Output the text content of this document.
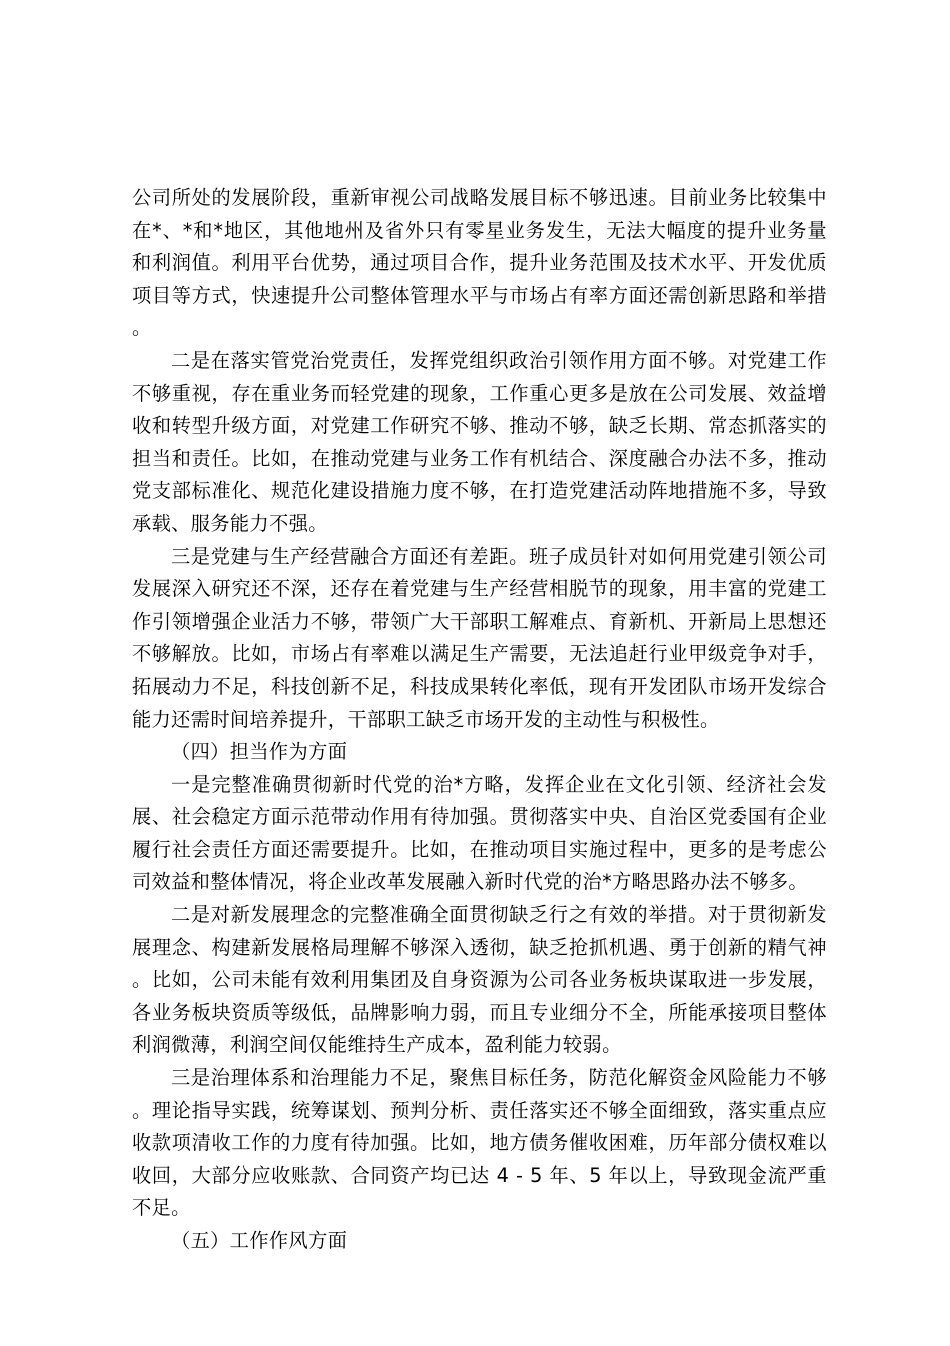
公司所处的发展阶段，重新审视公司战略发展目标不够迅速。目前业务比较集中在*、*和*地区，其他地州及省外只有零星业务发生，无法大幅度的提升业务量和利润值。利用平台优势，通过项目合作，提升业务范围及技术水平、开发优质项目等方式，快速提升公司整体管理水平与市场占有率方面还需创新思路和举措。

二是在落实管党治党责任，发挥党组织政治引领作用方面不够。对党建工作不够重视，存在重业务而轻党建的现象，工作重心更多是放在公司发展、效益增收和转型升级方面，对党建工作研究不够、推动不够，缺乏长期、常态抓落实的担当和责任。比如，在推动党建与业务工作有机结合、深度融合办法不多，推动党支部标准化、规范化建设措施力度不够，在打造党建活动阵地措施不多，导致承载、服务能力不强。

三是党建与生产经营融合方面还有差距。班子成员针对如何用党建引领公司发展深入研究还不深，还存在着党建与生产经营相脱节的现象，用丰富的党建工作引领增强企业活力不够，带领广大干部职工解难点、育新机、开新局上思想还不够解放。比如，市场占有率难以满足生产需要，无法追赶行业甲级竞争对手，拓展动力不足，科技创新不足，科技成果转化率低，现有开发团队市场开发综合能力还需时间培养提升，干部职工缺乏市场开发的主动性与积极性。

（四）担当作为方面

一是完整准确贯彻新时代党的治*方略，发挥企业在文化引领、经济社会发展、社会稳定方面示范带动作用有待加强。贯彻落实中央、自治区党委国有企业履行社会责任方面还需要提升。比如，在推动项目实施过程中，更多的是考虑公司效益和整体情况，将企业改革发展融入新时代党的治*方略思路办法不够多。

二是对新发展理念的完整准确全面贯彻缺乏行之有效的举措。对于贯彻新发展理念、构建新发展格局理解不够深入透彻，缺乏抢抓机遇、勇于创新的精气神。比如，公司未能有效利用集团及自身资源为公司各业务板块谋取进一步发展，各业务板块资质等级低，品牌影响力弱，而且专业细分不全，所能承接项目整体利润微薄，利润空间仅能维持生产成本，盈利能力较弱。

三是治理体系和治理能力不足，聚焦目标任务，防范化解资金风险能力不够。理论指导实践，统筹谋划、预判分析、责任落实还不够全面细致，落实重点应收款项清收工作的力度有待加强。比如，地方债务催收困难，历年部分债权难以收回，大部分应收账款、合同资产均已达 4 - 5 年、5 年以上，导致现金流严重不足。

（五）工作作风方面
